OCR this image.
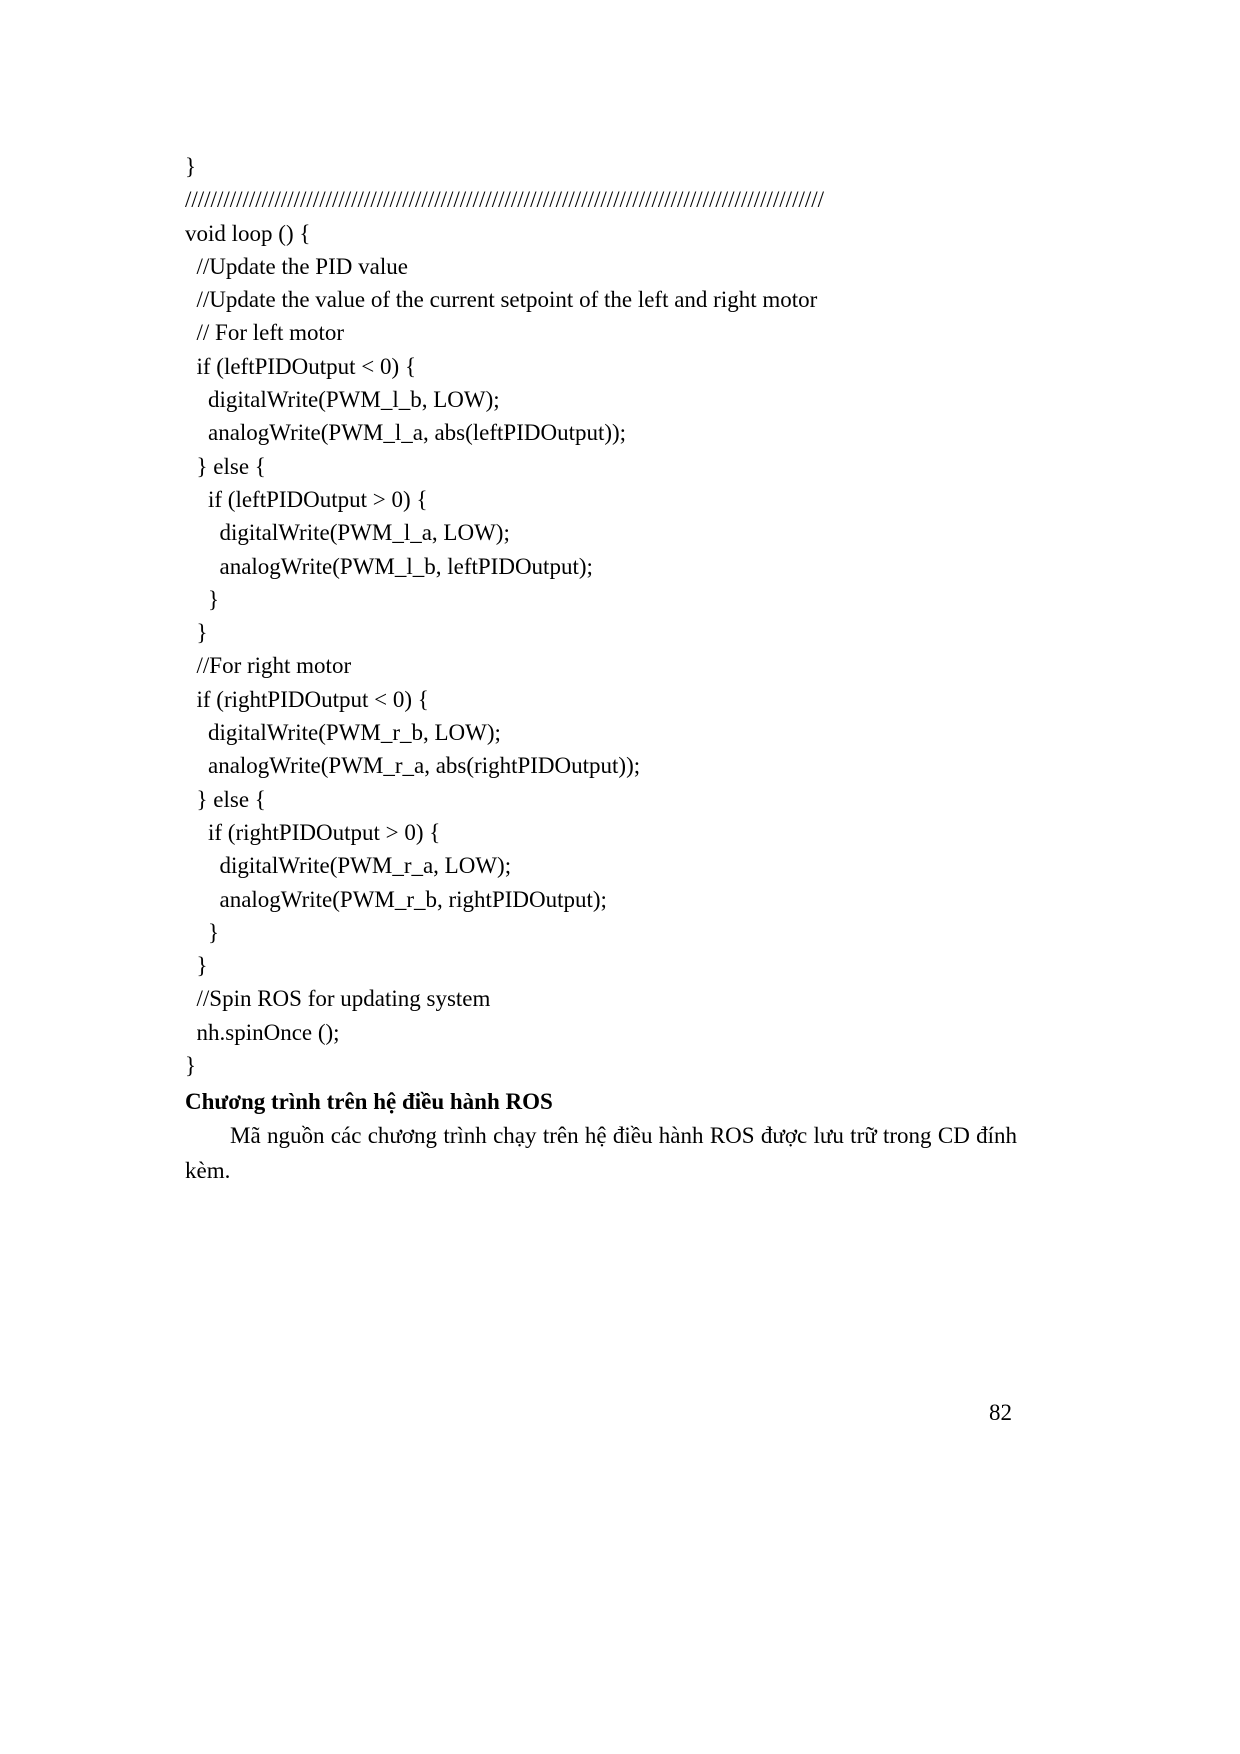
}
////////////////////////////////////////////////////////////////////////////////////////////////////
void loop () {
//Update the PID value
//Update the value of the current setpoint of the left and right motor
// For left motor
if (leftPIDOutput < 0) {
digitalWrite(PWM_l_b, LOW);
analogWrite(PWM_l_a, abs(leftPIDOutput));
} else {
if (leftPIDOutput > 0) {
digitalWrite(PWM_l_a, LOW);
analogWrite(PWM_l_b, leftPIDOutput);
}
}
//For right motor
if (rightPIDOutput < 0) {
digitalWrite(PWM_r_b, LOW);
analogWrite(PWM_r_a, abs(rightPIDOutput));
} else {
if (rightPIDOutput > 0) {
digitalWrite(PWM_r_a, LOW);
analogWrite(PWM_r_b, rightPIDOutput);
}
}
//Spin ROS for updating system
nh.spinOnce ();
}
Chương trình trên hệ điều hành ROS

Mã nguồn các chương trình chạy trên hệ điều hành ROS được lưu trữ trong CD đính kèm.

82
